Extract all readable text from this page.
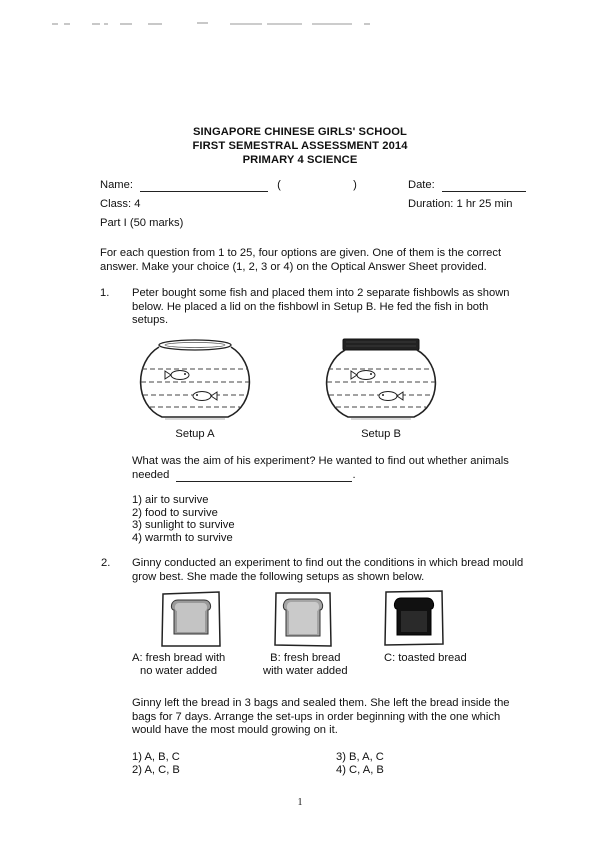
SINGAPORE CHINESE GIRLS' SCHOOL
FIRST SEMESTRAL ASSESSMENT 2014
PRIMARY 4 SCIENCE
Name:	(	)	Date:
Class: 4	Duration: 1 hr 25 min
Part I (50 marks)
For each question from 1 to 25, four options are given. One of them is the correct answer. Make your choice (1, 2, 3 or 4) on the Optical Answer Sheet provided.
1. Peter bought some fish and placed them into 2 separate fishbowls as shown below. He placed a lid on the fishbowl in Setup B. He fed the fish in both setups.
Setup A	Setup B
What was the aim of his experiment? He wanted to find out whether animals needed	.
1) air to survive
2) food to survive
3) sunlight to survive
4) warmth to survive
2. Ginny conducted an experiment to find out the conditions in which bread mould grow best. She made the following setups as shown below.
A: fresh bread with
no water added
B: fresh bread
with water added
C: toasted bread
Ginny left the bread in 3 bags and sealed them. She left the bread inside the bags for 7 days. Arrange the set-ups in order beginning with the one which would have the most mould growing on it.
1) A, B, C
2) A, C, B
3) B, A, C
4) C, A, B
1
